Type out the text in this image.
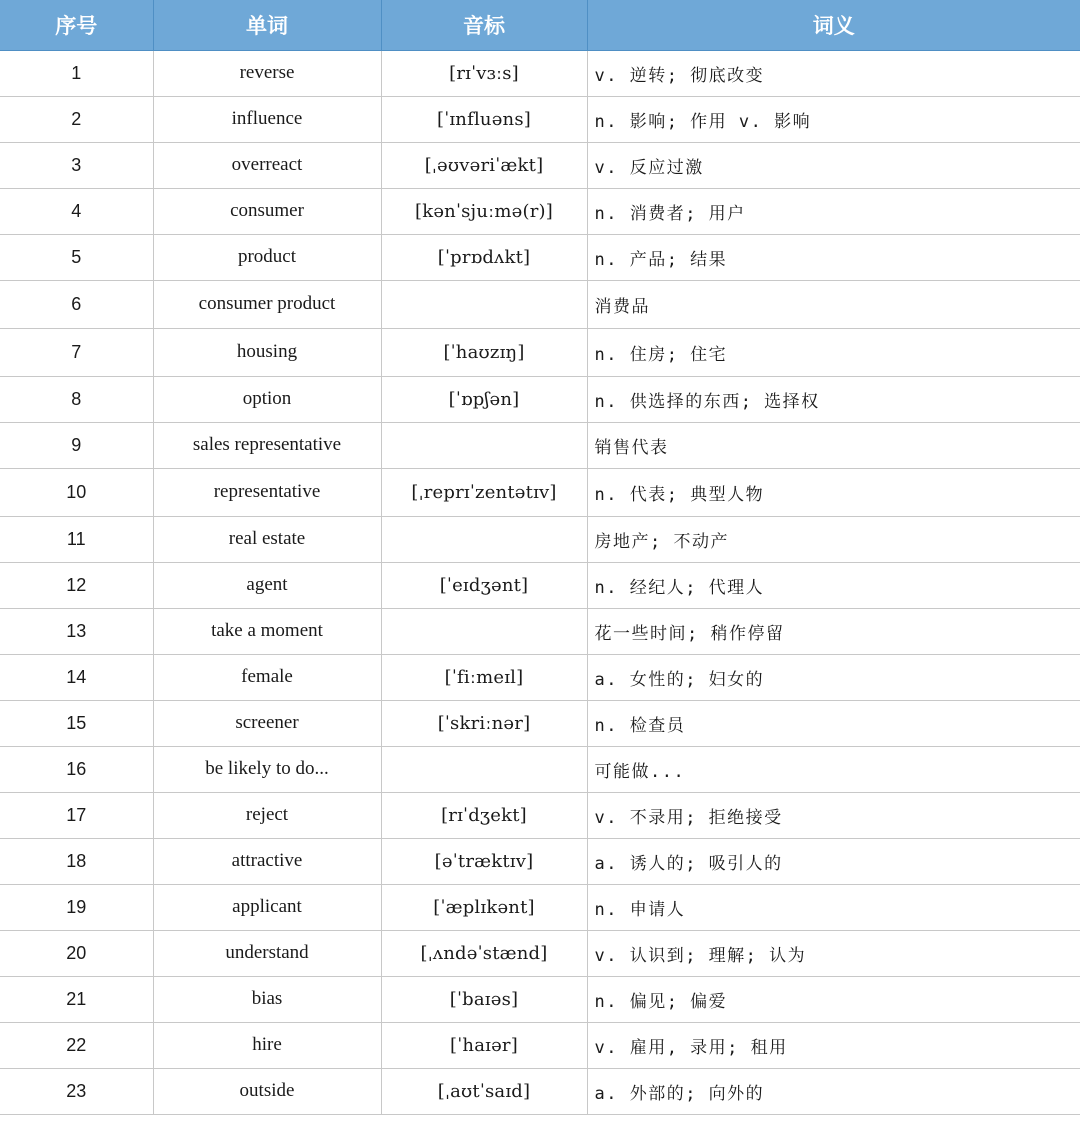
序号	单词	音标	词义
1	reverse	[rɪˈvɜːs]	v. 逆转; 彻底改变
2	influence	[ˈɪnfluəns]	n. 影响; 作用 v. 影响
3	overreact	[ˌəʊvəriˈækt]	v. 反应过激
4	consumer	[kənˈsjuːmə(r)]	n. 消费者; 用户
5	product	[ˈprɒdʌkt]	n. 产品; 结果
6	consumer product		消费品
7	housing	[ˈhaʊzɪŋ]	n. 住房; 住宅
8	option	[ˈɒpʃən]	n. 供选择的东西; 选择权
9	sales representative		销售代表
10	representative	[ˌreprɪˈzentətɪv]	n. 代表; 典型人物
11	real estate		房地产; 不动产
12	agent	[ˈeɪdʒənt]	n. 经纪人; 代理人
13	take a moment		花一些时间; 稍作停留
14	female	[ˈfiːmeɪl]	a. 女性的; 妇女的
15	screener	[ˈskriːnər]	n. 检查员
16	be likely to do...		可能做...
17	reject	[rɪˈdʒekt]	v. 不录用; 拒绝接受
18	attractive	[əˈtræktɪv]	a. 诱人的; 吸引人的
19	applicant	[ˈæplɪkənt]	n. 申请人
20	understand	[ˌʌndəˈstænd]	v. 认识到; 理解; 认为
21	bias	[ˈbaɪəs]	n. 偏见; 偏爱
22	hire	[ˈhaɪər]	v. 雇用, 录用; 租用
23	outside	[ˌaʊtˈsaɪd]	a. 外部的; 向外的
